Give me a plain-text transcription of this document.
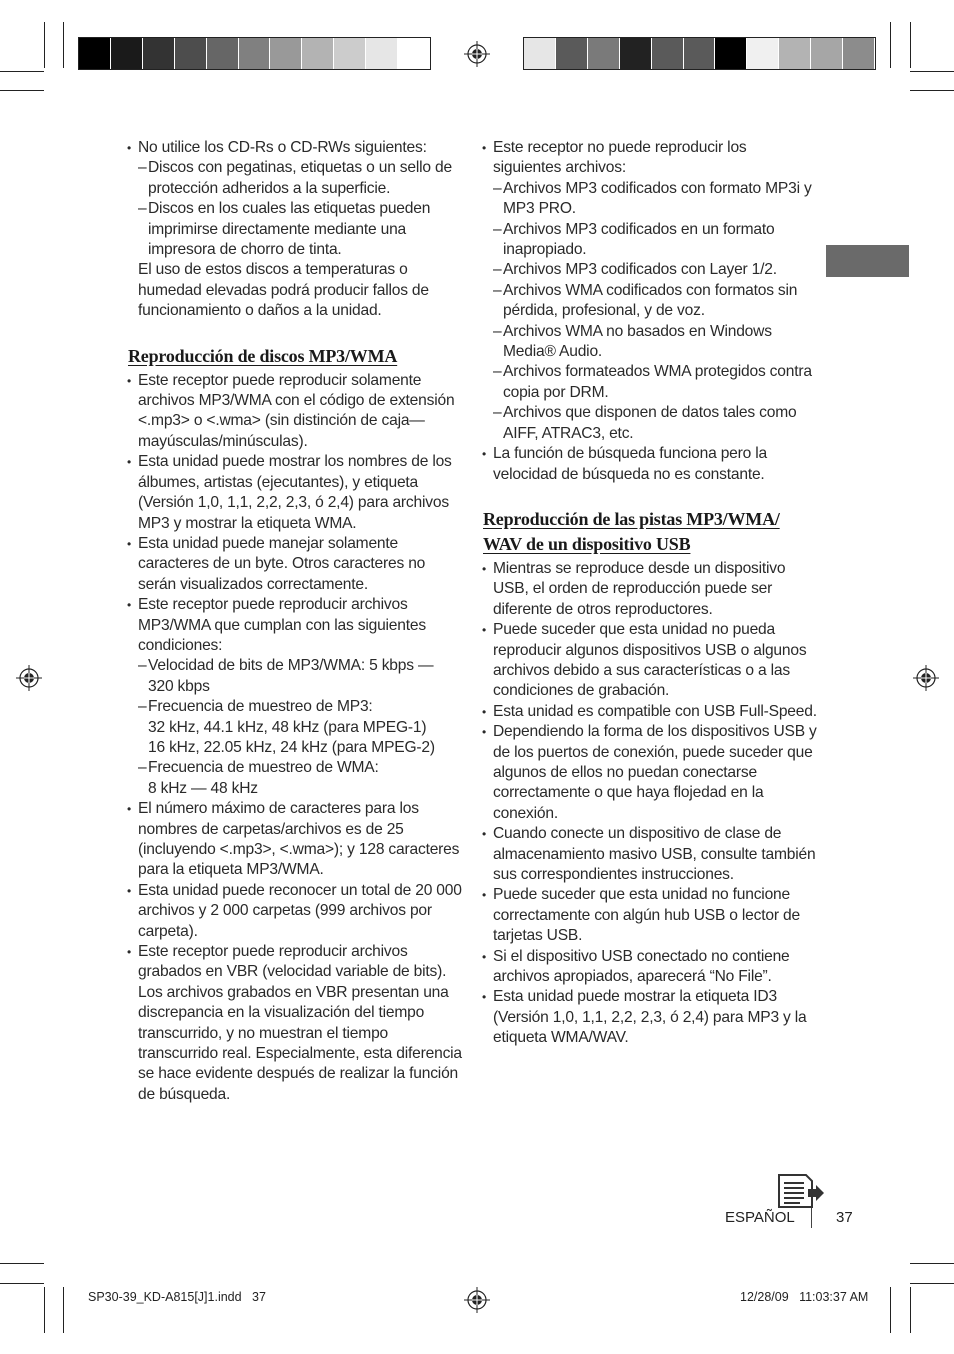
• No utilice los CD-Rs o CD-RWs siguientes:
– Discos con pegatinas, etiquetas o un sello de protección adheridos a la superficie.
– Discos en los cuales las etiquetas pueden imprimirse directamente mediante una impresora de chorro de tinta.
El uso de estos discos a temperaturas o humedad elevadas podrá producir fallos de funcionamiento o daños a la unidad.
Reproducción de discos MP3/WMA
• Este receptor puede reproducir solamente archivos MP3/WMA con el código de extensión <.mp3> o <.wma> (sin distinción de caja—mayúsculas/minúsculas).
• Esta unidad puede mostrar los nombres de los álbumes, artistas (ejecutantes), y etiqueta (Versión 1,0, 1,1, 2,2, 2,3, ó 2,4) para archivos MP3 y mostrar la etiqueta WMA.
• Esta unidad puede manejar solamente caracteres de un byte. Otros caracteres no serán visualizados correctamente.
• Este receptor puede reproducir archivos MP3/WMA que cumplan con las siguientes condiciones:
– Velocidad de bits de MP3/WMA: 5 kbps — 320 kbps
– Frecuencia de muestreo de MP3:
32 kHz, 44.1 kHz, 48 kHz (para MPEG-1)
16 kHz, 22.05 kHz, 24 kHz (para MPEG-2)
– Frecuencia de muestreo de WMA:
8 kHz — 48 kHz
• El número máximo de caracteres para los nombres de carpetas/archivos es de 25 (incluyendo <.mp3>, <.wma>); y 128 caracteres para la etiqueta MP3/WMA.
• Esta unidad puede reconocer un total de 20 000 archivos y 2 000 carpetas (999 archivos por carpeta).
• Este receptor puede reproducir archivos grabados en VBR (velocidad variable de bits). Los archivos grabados en VBR presentan una discrepancia en la visualización del tiempo transcurrido, y no muestran el tiempo transcurrido real. Especialmente, esta diferencia se hace evidente después de realizar la función de búsqueda.
• Este receptor no puede reproducir los siguientes archivos:
– Archivos MP3 codificados con formato MP3i y MP3 PRO.
– Archivos MP3 codificados en un formato inapropiado.
– Archivos MP3 codificados con Layer 1/2.
– Archivos WMA codificados con formatos sin pérdida, profesional, y de voz.
– Archivos WMA no basados en Windows Media® Audio.
– Archivos formateados WMA protegidos contra copia por DRM.
– Archivos que disponen de datos tales como AIFF, ATRAC3, etc.
• La función de búsqueda funciona pero la velocidad de búsqueda no es constante.
Reproducción de las pistas MP3/WMA/ WAV de un dispositivo USB
• Mientras se reproduce desde un dispositivo USB, el orden de reproducción puede ser diferente de otros reproductores.
• Puede suceder que esta unidad no pueda reproducir algunos dispositivos USB o algunos archivos debido a sus características o a las condiciones de grabación.
• Esta unidad es compatible con USB Full-Speed.
• Dependiendo la forma de los dispositivos USB y de los puertos de conexión, puede suceder que algunos de ellos no puedan conectarse correctamente o que haya flojedad en la conexión.
• Cuando conecte un dispositivo de clase de almacenamiento masivo USB, consulte también sus correspondientes instrucciones.
• Puede suceder que esta unidad no funcione correctamente con algún hub USB o lector de tarjetas USB.
• Si el dispositivo USB conectado no contiene archivos apropiados, aparecerá “No File”.
• Esta unidad puede mostrar la etiqueta ID3 (Versión 1,0, 1,1, 2,2, 2,3, ó 2,4) para MP3 y la etiqueta WMA/WAV.
ESPAÑOL	37
SP30-39_KD-A815[J]1.indd   37	12/28/09   11:03:37 AM
